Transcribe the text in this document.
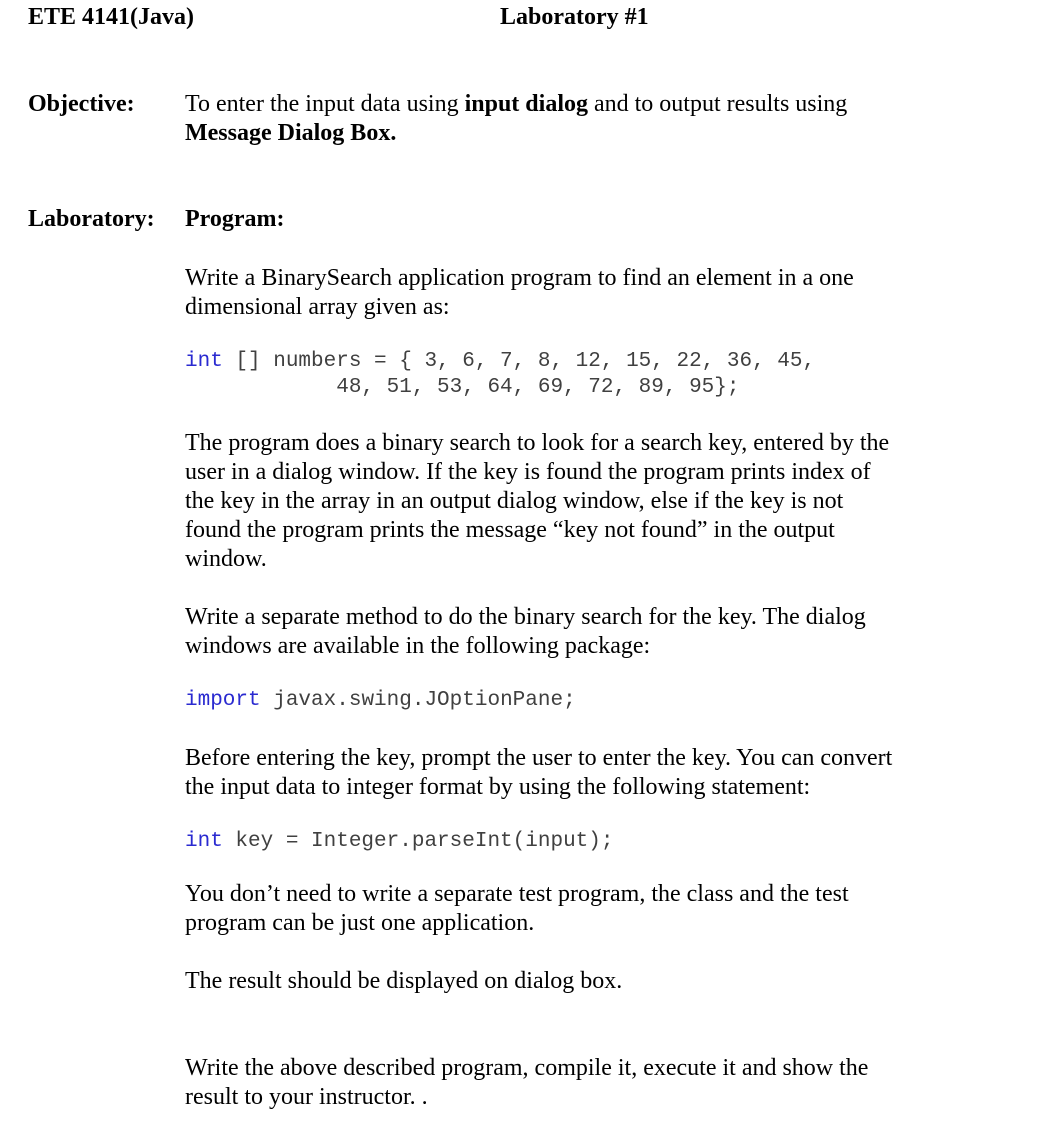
ETE 4141(Java)	Laboratory #1
Objective: To enter the input data using input dialog and to output results using
Message Dialog Box.

Laboratory: Program:

Write a BinarySearch application program to find an element in a one
dimensional array given as:

int [] numbers = { 3, 6, 7, 8, 12, 15, 22, 36, 45,
48, 51, 53, 64, 69, 72, 89, 95};

The program does a binary search to look for a search key, entered by the
user in a dialog window. If the key is found the program prints index of
the key in the array in an output dialog window, else if the key is not
found the program prints the message “key not found” in the output
window.

Write a separate method to do the binary search for the key. The dialog
windows are available in the following package:

import javax.swing.JOptionPane;

Before entering the key, prompt the user to enter the key. You can convert
the input data to integer format by using the following statement:

int key = Integer.parseInt(input);

You don’t need to write a separate test program, the class and the test
program can be just one application.

The result should be displayed on dialog box.

Write the above described program, compile it, execute it and show the
result to your instructor. .
